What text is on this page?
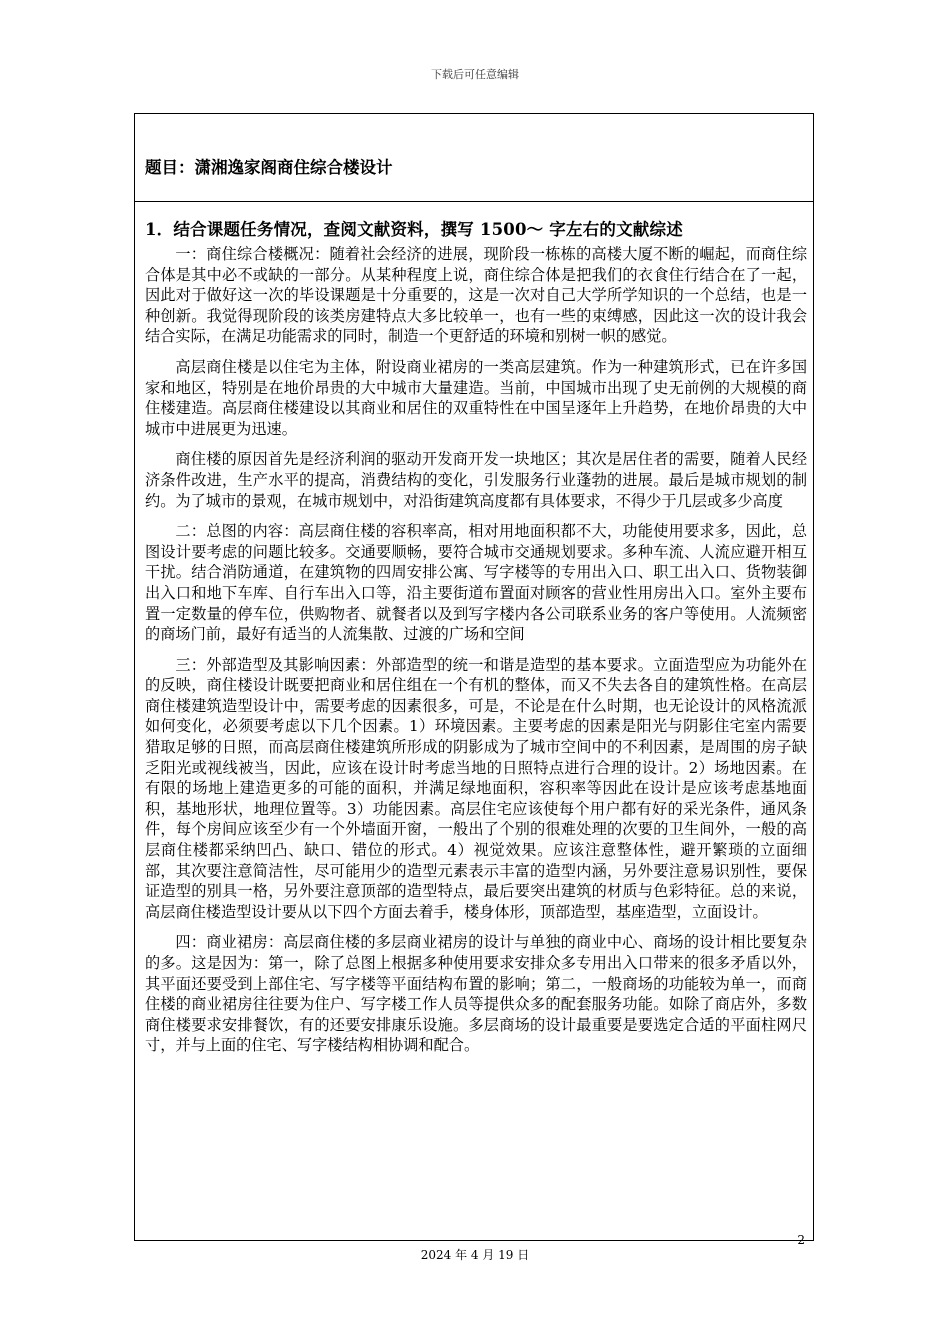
下载后可任意编辑
题目：潇湘逸家阁商住综合楼设计
1．结合课题任务情况，查阅文献资料，撰写 1500～ 字左右的文献综述

一：商住综合楼概况：随着社会经济的进展，现阶段一栋栋的高楼大厦不断的崛起，而商住综合体是其中必不或缺的一部分。从某种程度上说，商住综合体是把我们的衣食住行结合在了一起，因此对于做好这一次的毕设课题是十分重要的，这是一次对自己大学所学知识的一个总结，也是一种创新。我觉得现阶段的该类房建特点大多比较单一，也有一些的束缚感，因此这一次的设计我会结合实际，在满足功能需求的同时，制造一个更舒适的环境和别树一帜的感觉。

高层商住楼是以住宅为主体，附设商业裙房的一类高层建筑。作为一种建筑形式，已在许多国家和地区，特别是在地价昂贵的大中城市大量建造。当前，中国城市出现了史无前例的大规模的商住楼建造。高层商住楼建设以其商业和居住的双重特性在中国呈逐年上升趋势，在地价昂贵的大中城市中进展更为迅速。

商住楼的原因首先是经济利润的驱动开发商开发一块地区；其次是居住者的需要，随着人民经济条件改进，生产水平的提高，消费结构的变化，引发服务行业蓬勃的进展。最后是城市规划的制约。为了城市的景观，在城市规划中，对沿街建筑高度都有具体要求，不得少于几层或多少高度

二：总图的内容：高层商住楼的容积率高，相对用地面积都不大，功能使用要求多，因此，总图设计要考虑的问题比较多。交通要顺畅，要符合城市交通规划要求。多种车流、人流应避开相互干扰。结合消防通道，在建筑物的四周安排公寓、写字楼等的专用出入口、职工出入口、货物装御出入口和地下车库、自行车出入口等，沿主要街道布置面对顾客的营业性用房出入口。室外主要布置一定数量的停车位，供购物者、就餐者以及到写字楼内各公司联系业务的客户等使用。人流频密的商场门前，最好有适当的人流集散、过渡的广场和空间

三：外部造型及其影响因素：外部造型的统一和谐是造型的基本要求。立面造型应为功能外在的反映，商住楼设计既要把商业和居住组在一个有机的整体，而又不失去各自的建筑性格。在高层商住楼建筑造型设计中，需要考虑的因素很多，可是，不论是在什么时期，也无论设计的风格流派如何变化，必须要考虑以下几个因素。1）环境因素。主要考虑的因素是阳光与阴影住宅室内需要猎取足够的日照，而高层商住楼建筑所形成的阴影成为了城市空间中的不利因素，是周围的房子缺乏阳光或视线被当，因此，应该在设计时考虑当地的日照特点进行合理的设计。2）场地因素。在有限的场地上建造更多的可能的面积，并满足绿地面积，容积率等因此在设计是应该考虑基地面积，基地形状，地理位置等。3）功能因素。高层住宅应该使每个用户都有好的采光条件，通风条件，每个房间应该至少有一个外墙面开窗，一般出了个别的很难处理的次要的卫生间外，一般的高层商住楼都采纳凹凸、缺口、错位的形式。4）视觉效果。应该注意整体性，避开繁琐的立面细部，其次要注意简洁性，尽可能用少的造型元素表示丰富的造型内涵，另外要注意易识别性，要保证造型的别具一格，另外要注意顶部的造型特点，最后要突出建筑的材质与色彩特征。总的来说，高层商住楼造型设计要从以下四个方面去着手，楼身体形，顶部造型，基座造型，立面设计。

四：商业裙房：高层商住楼的多层商业裙房的设计与单独的商业中心、商场的设计相比要复杂的多。这是因为：第一，除了总图上根据多种使用要求安排众多专用出入口带来的很多矛盾以外，其平面还要受到上部住宅、写字楼等平面结构布置的影响；第二，一般商场的功能较为单一，而商住楼的商业裙房往往要为住户、写字楼工作人员等提供众多的配套服务功能。如除了商店外，多数商住楼要求安排餐饮，有的还要安排康乐设施。多层商场的设计最重要是要选定合适的平面柱网尺寸，并与上面的住宅、写字楼结构相协调和配合。

2
2024 年 4 月 19 日
